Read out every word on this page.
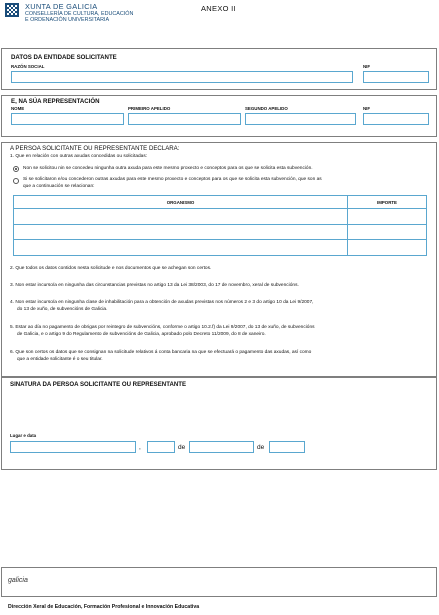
XUNTA DE GALICIA
CONSELLERÍA DE CULTURA, EDUCACIÓN
E ORDENACIÓN UNIVERSITARIA
ANEXO II
DATOS DA ENTIDADE SOLICITANTE
RAZÓN SOCIAL	NIF
E, NA SÚA REPRESENTACIÓN
NOME	PRIMEIRO APELIDO	SEGUNDO APELIDO	NIF
A PERSOA SOLICITANTE OU REPRESENTANTE DECLARA:
1. Que en relación con outras axudas concedidas ou solicitadas:
Non se solicitou nin se concedeu ningunha outra axuda para este mesmo proxecto e conceptos para os que se solicita esta subvención.
Si se solicitaron e/ou concederon outras axudas para este mesmo proxecto e conceptos para os que se solicita esta subvención, que son as
que a continuación se relacionan:
ORGANISMO	IMPORTE

2. Que todos os datos contidos nesta solicitude e nos documentos que se achegan son certos.
3. Non estar incurso/a en ningunha das circunstancias previstas no artigo 13 da Lei 38/2003, do 17 de novembro, xeral de subvencións.
4. Non estar incurso/a en ningunha clase de inhabilitación para a obtención de axudas previstas nos números 2 e 3 do artigo 10 da Lei 9/2007,
do 13 de xuño, de subvencións de Galicia.
5. Estar ao día no pagamento de obrigas por reintegro de subvencións, conforme o artigo 10.2.f) da Lei 9/2007, do 13 de xuño, de subvencións
de Galicia, e o artigo 9 do Regulamento de subvencións de Galicia, aprobado polo Decreto 11/2009, do 8 de xaneiro.
6. Que son certos os datos que se consignan na solicitude relativos á conta bancaria na que se efectuará o pagamento das axudas, así como
que a entidade solicitante é o seu titular.
SINATURA DA PERSOA SOLICITANTE OU REPRESENTANTE
Lugar e data
,	de	de
galicia
Dirección Xeral de Educación, Formación Profesional e Innovación Educativa
